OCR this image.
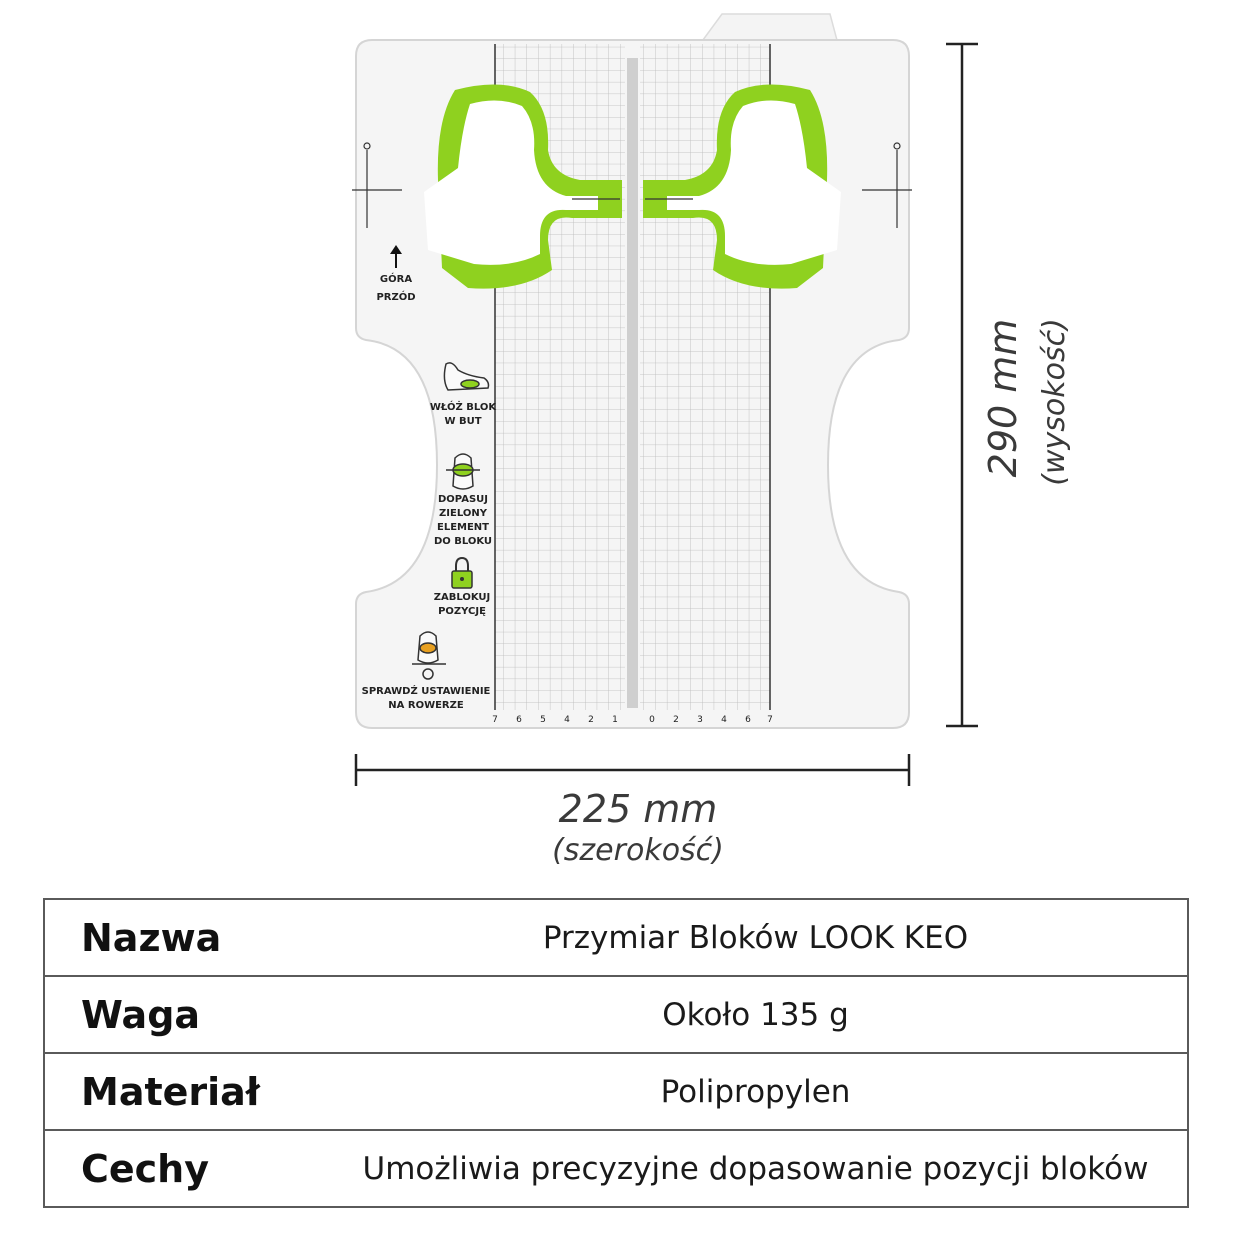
GÓRA
PRZÓD
WŁÓŻ BLOK
W BUT
DOPASUJ
ZIELONY
ELEMENT
DO BLOKU
ZABLOKUJ
POZYCJĘ
SPRAWDŹ USTAWIENIE
NA ROWERZE
7 6 5 4 2 1	0 2 3 4 6 7
290 mm (wysokość)
225 mm
(szerokość)
Nazwa	Przymiar Bloków LOOK KEO
Waga	Około 135 g
Materiał	Polipropylen
Cechy	Umożliwia precyzyjne dopasowanie pozycji bloków
